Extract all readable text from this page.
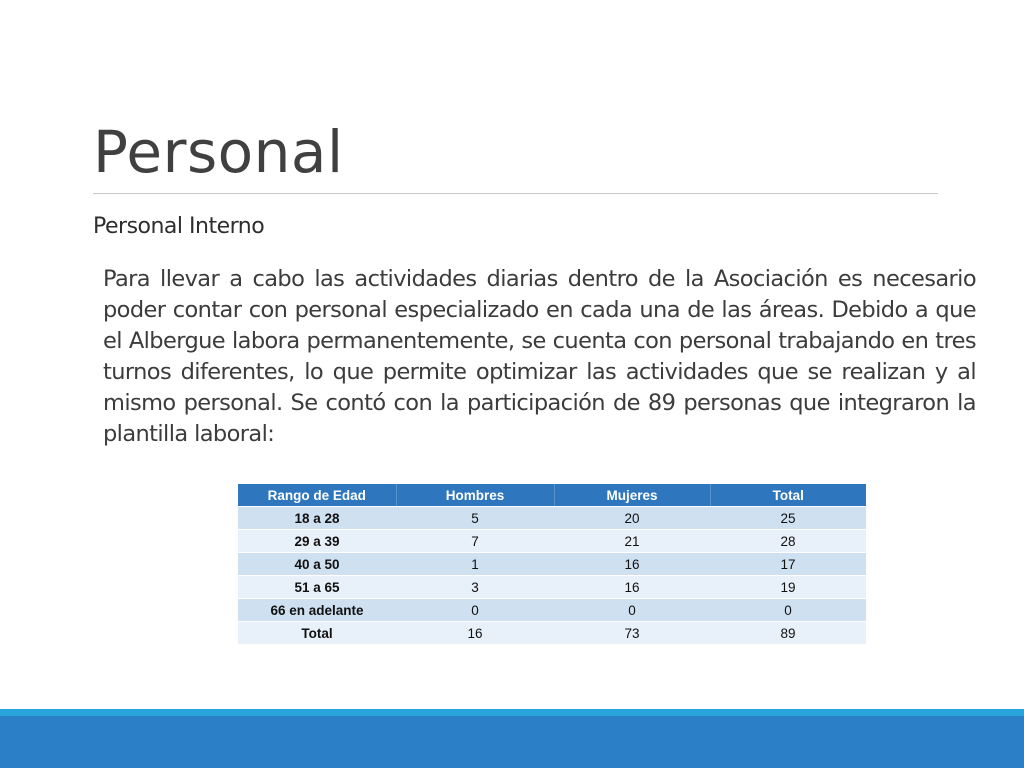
Personal
Personal Interno

Para llevar a cabo las actividades diarias dentro de la Asociación es necesario poder contar con personal especializado en cada una de las áreas. Debido a que el Albergue labora permanentemente, se cuenta con personal trabajando en tres turnos diferentes, lo que permite optimizar las actividades que se realizan y al mismo personal. Se contó con la participación de 89 personas que integraron la plantilla laboral:

Rango de Edad	Hombres	Mujeres	Total
18 a 28	5	20	25
29 a 39	7	21	28
40 a 50	1	16	17
51 a 65	3	16	19
66 en adelante	0	0	0
Total	16	73	89
